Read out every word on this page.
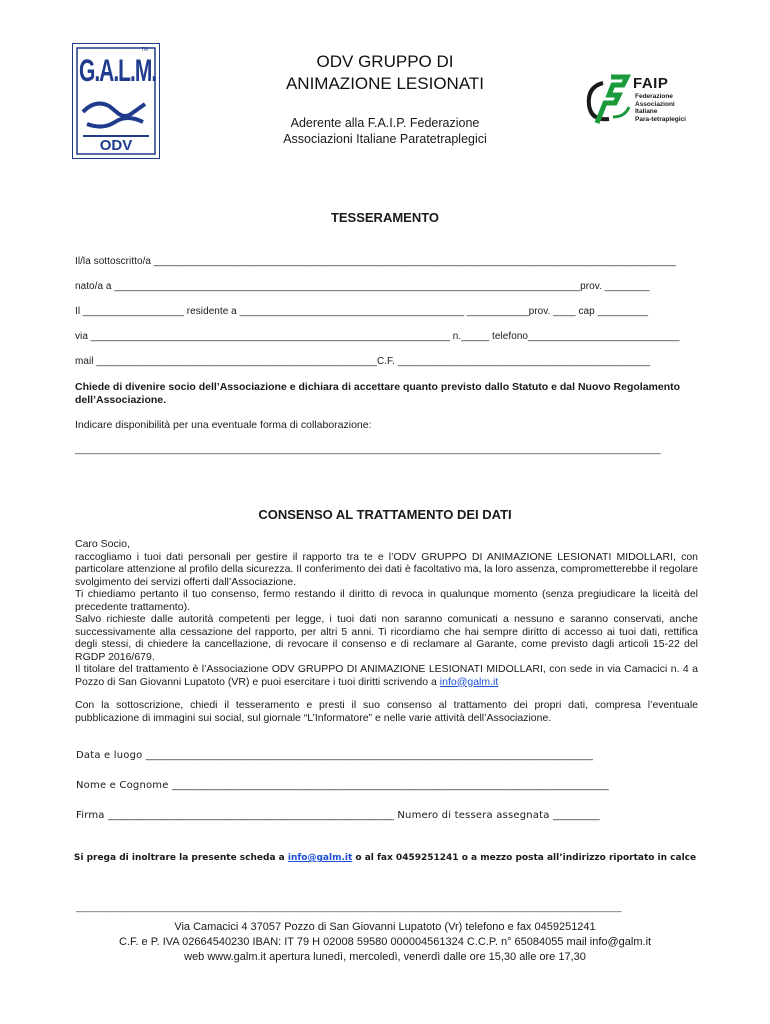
G.A.L.M.
TM
ODV
ODV GRUPPO DI
ANIMAZIONE LESIONATI
Aderente alla F.A.I.P. Federazione
Associazioni Italiane Paratetraplegici
FAIP
Federazione
Associazioni
Italiane
Para-tetraplegici
TESSERAMENTO
Il/la sottoscritto/a _____________________________________________________________________________________________
nato/a a ___________________________________________________________________________________prov. ________
Il __________________ residente a ________________________________________ ___________prov. ____ cap _________
via ________________________________________________________________ n._____ telefono___________________________
mail __________________________________________________C.F. _____________________________________________
Chiede di divenire socio dell’Associazione e dichiara di accettare quanto previsto dallo Statuto e dal Nuovo Regolamento dell’Associazione.
Indicare disponibilità per una eventuale forma di collaborazione:
_____________________________________________________________________________________________________________________
CONSENSO AL TRATTAMENTO DEI DATI

Caro Socio,

raccogliamo i tuoi dati personali per gestire il rapporto tra te e l’ODV GRUPPO DI ANIMAZIONE LESIONATI MIDOLLARI, con particolare attenzione al profilo della sicurezza. Il conferimento dei dati è facoltativo ma, la loro assenza, comprometterebbe il regolare svolgimento dei servizi offerti dall’Associazione.

Ti chiediamo pertanto il tuo consenso, fermo restando il diritto di revoca in qualunque momento (senza pregiudicare la liceità del precedente trattamento).

Salvo richieste dalle autorità competenti per legge, i tuoi dati non saranno comunicati a nessuno e saranno conservati, anche successivamente alla cessazione del rapporto, per altri 5 anni. Ti ricordiamo che hai sempre diritto di accesso ai tuoi dati, rettifica degli stessi, di chiedere la cancellazione, di revocare il consenso e di reclamare al Garante, come previsto dagli articoli 15-22 del RGDP 2016/679.

Il titolare del trattamento è l’Associazione ODV GRUPPO DI ANIMAZIONE LESIONATI MIDOLLARI, con sede in via Camacici n. 4 a Pozzo di San Giovanni Lupatoto (VR) e puoi esercitare i tuoi diritti scrivendo a info@galm.it

Con la sottoscrizione, chiedi il tesseramento e presti il suo consenso al trattamento dei propri dati, compresa l’eventuale pubblicazione di immagini sui social, sul giornale “L’Informatore” e nelle varie attività dell’Associazione.
Data e luogo ______________________________________________________________________________________
Nome e Cognome ____________________________________________________________________________________
Firma _______________________________________________________ Numero di tessera assegnata _________
Si prega di inoltrare la presente scheda a info@galm.it o al fax 0459251241 o a mezzo posta all’indirizzo riportato in calce
_____________________________________________________________________________________________________________
Via Camacici 4 37057 Pozzo di San Giovanni Lupatoto (Vr) telefono e fax 0459251241
C.F. e P. IVA 02664540230 IBAN: IT 79 H 02008 59580 000004561324 C.C.P. n° 65084055 mail info@galm.it
web www.galm.it apertura lunedì, mercoledì, venerdì dalle ore 15,30 alle ore 17,30
